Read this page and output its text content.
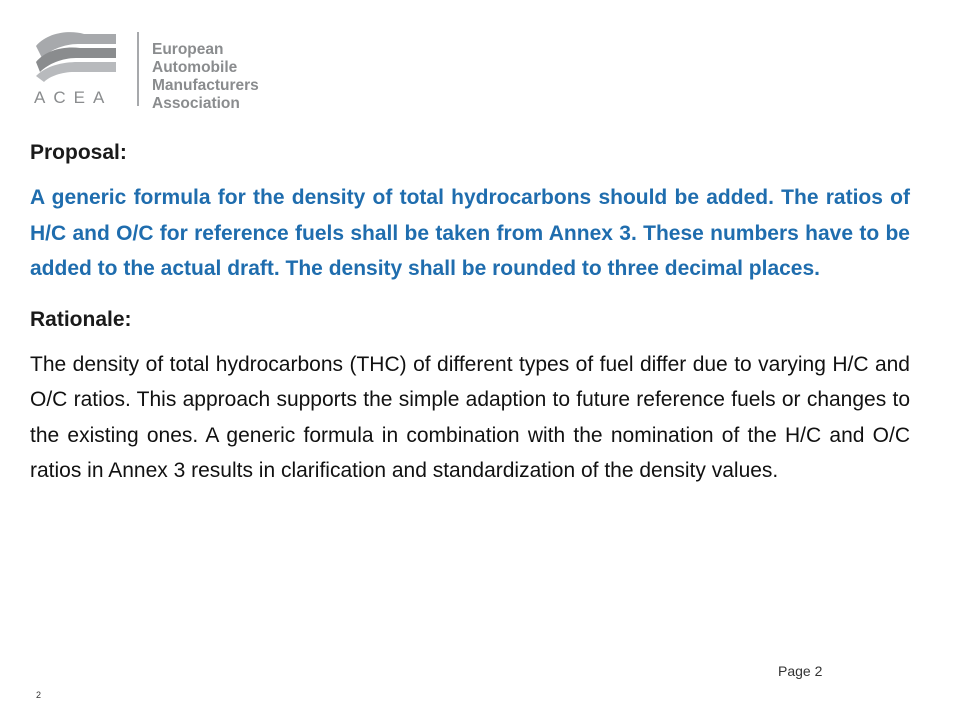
ACEA
European
Automobile
Manufacturers
Association
Proposal:

A generic formula for the density of total hydrocarbons should be added. The ratios of H/C and O/C for reference fuels shall be taken from Annex 3. These numbers have to be added to the actual draft. The density shall be rounded to three decimal places.

Rationale:

The density of total hydrocarbons (THC) of different types of fuel differ due to varying H/C and O/C ratios. This approach supports the simple adaption to future reference fuels or changes to the existing ones. A generic formula in combination with the nomination of the H/C and O/C ratios in Annex 3 results in clarification and standardization of the density values.

Page 2
2
